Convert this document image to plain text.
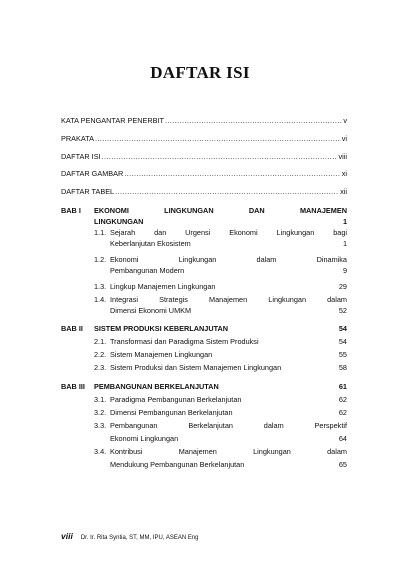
DAFTAR ISI
KATA PENGANTAR PENERBIT .....	v
PRAKATA .....	vi
DAFTAR ISI .....	viii
DAFTAR GAMBAR .....	xi
DAFTAR TABEL .....	xii
BAB I EKONOMI	LINGKUNGAN	DAN	MANAJEMEN
LINGKUNGAN	1
1.1. Sejarah dan Urgensi Ekonomi Lingkungan bagi
Keberlanjutan Ekosistem	1
1.2. Ekonomi Lingkungan dalam Dinamika
Pembangunan Modern	9
1.3. Lingkup Manajemen Lingkungan	29
1.4. Integrasi Strategis Manajemen Lingkungan dalam
Dimensi Ekonomi UMKM	52
BAB II SISTEM PRODUKSI KEBERLANJUTAN	54
2.1. Transformasi dan Paradigma Sistem Produksi	54
2.2. Sistem Manajemen Lingkungan	55
2.3. Sistem Produksi dan Sistem Manajemen Lingkungan	58
BAB III PEMBANGUNAN BERKELANJUTAN	61
3.1. Paradigma Pembangunan Berkelanjutan	62
3.2. Dimensi Pembangunan Berkelanjutan	62
3.3. Pembangunan Berkelanjutan dalam Perspektif
Ekonomi Lingkungan	64
3.4. Kontribusi Manajemen Lingkungan dalam
Mendukung Pembangunan Berkelanjutan	65
viii Dr. Ir. Rita Syntia, ST, MM, IPU, ASEAN Eng
